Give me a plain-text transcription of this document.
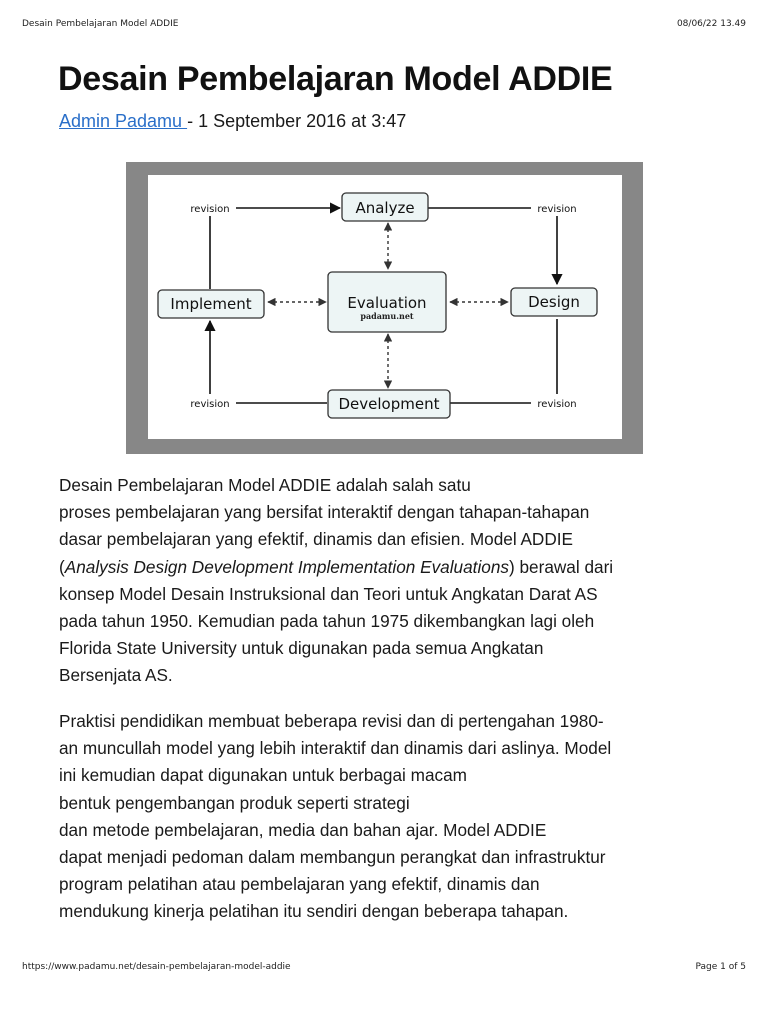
Desain Pembelajaran Model ADDIE	08/06/22 13.49
Desain Pembelajaran Model ADDIE
Admin Padamu - 1 September 2016 at 3:47
Analyze
Implement	Evaluation
padamu.net
Design
Development
revision	revision
revision	revision

Desain Pembelajaran Model ADDIE adalah salah satu
proses pembelajaran yang bersifat interaktif dengan tahapan-tahapan
dasar pembelajaran yang efektif, dinamis dan efisien. Model ADDIE
(Analysis Design Development Implementation Evaluations) berawal dari
konsep Model Desain Instruksional dan Teori untuk Angkatan Darat AS
pada tahun 1950. Kemudian pada tahun 1975 dikembangkan lagi oleh
Florida State University untuk digunakan pada semua Angkatan
Bersenjata AS.

Praktisi pendidikan membuat beberapa revisi dan di pertengahan 1980-
an muncullah model yang lebih interaktif dan dinamis dari aslinya. Model
ini kemudian dapat digunakan untuk berbagai macam
bentuk pengembangan produk seperti strategi
dan metode pembelajaran, media dan bahan ajar. Model ADDIE
dapat menjadi pedoman dalam membangun perangkat dan infrastruktur
program pelatihan atau pembelajaran yang efektif, dinamis dan
mendukung kinerja pelatihan itu sendiri dengan beberapa tahapan.

https://www.padamu.net/desain-pembelajaran-model-addie	Page 1 of 5
